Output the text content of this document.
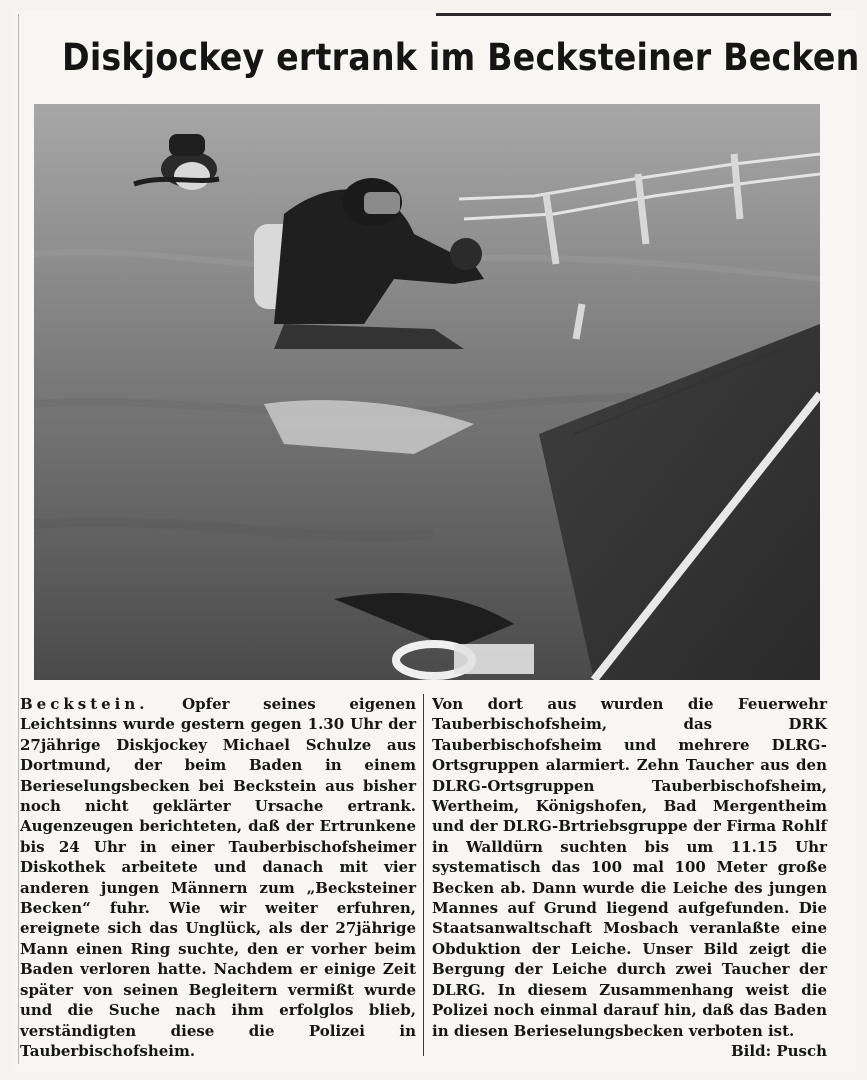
Diskjockey ertrank im Becksteiner Becken

Beckstein. Opfer seines eigenen Leichtsinns wurde gestern gegen 1.30 Uhr der 27jährige Diskjockey Michael Schulze aus Dortmund, der beim Baden in einem Berieselungsbecken bei Beckstein aus bisher noch nicht geklärter Ursache ertrank. Augenzeugen berichteten, daß der Ertrunkene bis 24 Uhr in einer Tauberbischofsheimer Diskothek arbeitete und danach mit vier anderen jungen Männern zum „Becksteiner Becken“ fuhr. Wie wir weiter erfuhren, ereignete sich das Unglück, als der 27jährige Mann einen Ring suchte, den er vorher beim Baden verloren hatte. Nachdem er einige Zeit später von seinen Begleitern vermißt wurde und die Suche nach ihm erfolglos blieb, verständigten diese die Polizei in Tauberbischofsheim.

Von dort aus wurden die Feuerwehr Tauberbischofsheim, das DRK Tauberbischofsheim und mehrere DLRG-Ortsgruppen alarmiert. Zehn Taucher aus den DLRG-Ortsgruppen Tauberbischofsheim, Wertheim, Königshofen, Bad Mergentheim und der DLRG-Brtriebsgruppe der Firma Rohlf in Walldürn suchten bis um 11.15 Uhr systematisch das 100 mal 100 Meter große Becken ab. Dann wurde die Leiche des jungen Mannes auf Grund liegend aufgefunden. Die Staatsanwaltschaft Mosbach veranlaßte eine Obduktion der Leiche. Unser Bild zeigt die Bergung der Leiche durch zwei Taucher der DLRG. In diesem Zusammenhang weist die Polizei noch einmal darauf hin, daß das Baden in diesen Berieselungsbecken verboten ist.

Bild: Pusch
